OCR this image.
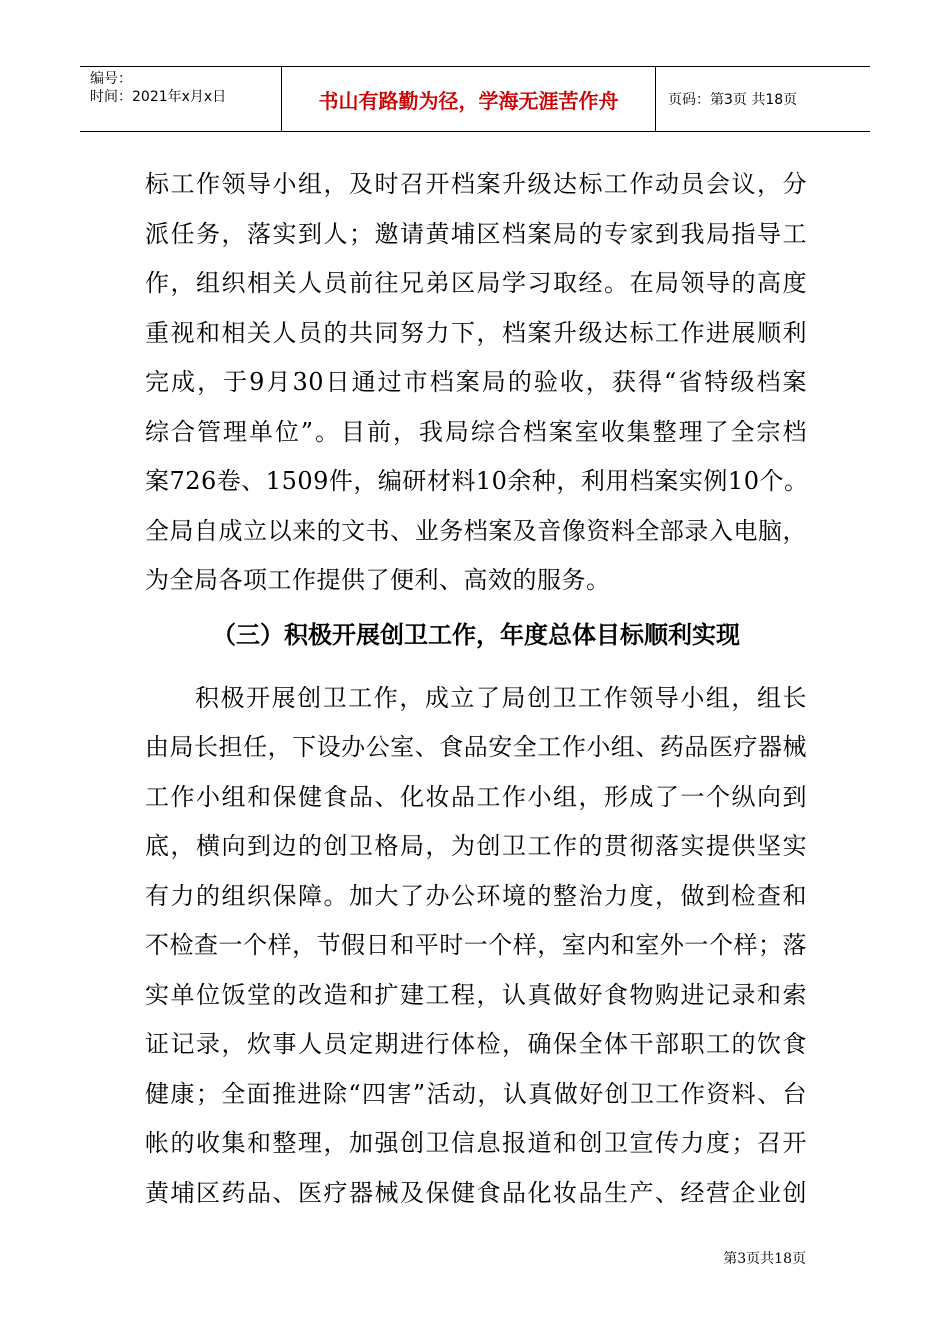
编号：
时间：2021年x月x日	书山有路勤为径，学海无涯苦作舟	页码：第3页 共18页
标工作领导小组，及时召开档案升级达标工作动员会议，分
派任务，落实到人；邀请黄埔区档案局的专家到我局指导工
作，组织相关人员前往兄弟区局学习取经。在局领导的高度
重视和相关人员的共同努力下，档案升级达标工作进展顺利
完成，于9月30日通过市档案局的验收，获得“省特级档案
综合管理单位”。目前，我局综合档案室收集整理了全宗档
案726卷、1509件，编研材料10余种，利用档案实例10个。
全局自成立以来的文书、业务档案及音像资料全部录入电脑，
为全局各项工作提供了便利、高效的服务。
（三）积极开展创卫工作，年度总体目标顺利实现
积极开展创卫工作，成立了局创卫工作领导小组，组长
由局长担任，下设办公室、食品安全工作小组、药品医疗器械
工作小组和保健食品、化妆品工作小组，形成了一个纵向到
底，横向到边的创卫格局，为创卫工作的贯彻落实提供坚实
有力的组织保障。加大了办公环境的整治力度，做到检查和
不检查一个样，节假日和平时一个样，室内和室外一个样；落
实单位饭堂的改造和扩建工程，认真做好食物购进记录和索
证记录，炊事人员定期进行体检，确保全体干部职工的饮食
健康；全面推进除“四害”活动，认真做好创卫工作资料、台
帐的收集和整理，加强创卫信息报道和创卫宣传力度；召开
黄埔区药品、医疗器械及保健食品化妆品生产、经营企业创
第3页共18页
